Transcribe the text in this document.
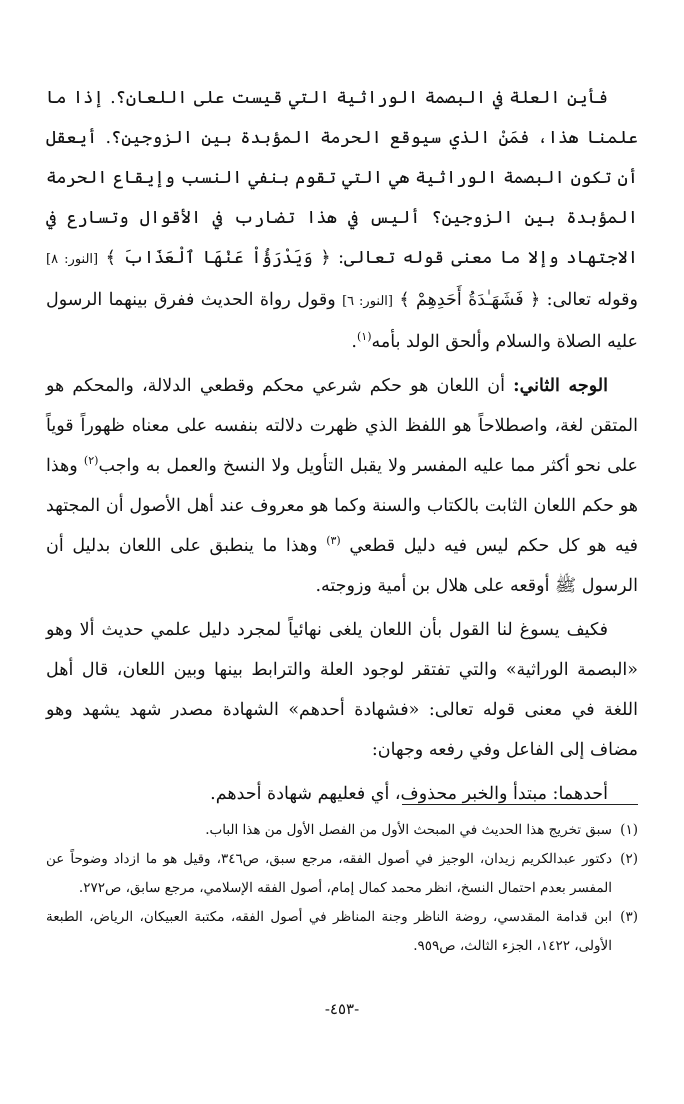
فأين العلة في البصمة الوراثية التي قيست على اللعان؟. إذا ما علمنا هذا، فمَنْ الذي سيوقع الحرمة المؤبدة بين الزوجين؟. أيعقل أن تكون البصمة الوراثية هي التي تقوم بنفي النسب وإيقاع الحرمة المؤبدة بين الزوجين؟ أليس في هذا تضارب في الأقوال وتسارع في الاجتهاد وإلا ما معنى قوله تعالى: ﴿ وَيَدْرَؤُاْ عَنْهَا ٱلْعَذَابَ ﴾ [النور: ٨] وقوله تعالى: ﴿ فَشَهَـٰدَةُ أَحَدِهِمْ ﴾ [النور: ٦] وقول رواة الحديث ففرق بينهما الرسول عليه الصلاة والسلام وألحق الولد بأمه$^{(١)}$.

الوجه الثاني: أن اللعان هو حكم شرعي محكم وقطعي الدلالة، والمحكم هو المتقن لغة، واصطلاحاً هو اللفظ الذي ظهرت دلالته بنفسه على معناه ظهوراً قوياً على نحو أكثر مما عليه المفسر ولا يقبل التأويل ولا النسخ والعمل به واجب$^{(٢)}$ وهذا هو حكم اللعان الثابت بالكتاب والسنة وكما هو معروف عند أهل الأصول أن المجتهد فيه هو كل حكم ليس فيه دليل قطعي $^{(٣)}$ وهذا ما ينطبق على اللعان بدليل أن الرسول ﷺ أوقعه على هلال بن أمية وزوجته.

فكيف يسوغ لنا القول بأن اللعان يلغى نهائياً لمجرد دليل علمي حديث ألا وهو «البصمة الوراثية» والتي تفتقر لوجود العلة والترابط بينها وبين اللعان، قال أهل اللغة في معنى قوله تعالى: «فشهادة أحدهم» الشهادة مصدر شهد يشهد وهو مضاف إلى الفاعل وفي رفعه وجهان:

أحدهما: مبتدأ والخبر محذوف، أي فعليهم شهادة أحدهم.

(١)سبق تخريج هذا الحديث في المبحث الأول من الفصل الأول من هذا الباب.

(٢)دكتور عبدالكريم زيدان، الوجيز في أصول الفقه، مرجع سبق، ص٣٤٦، وقيل هو ما ازداد وضوحاً عن المفسر بعدم احتمال النسخ، انظر محمد كمال إمام، أصول الفقه الإسلامي، مرجع سابق، ص٢٧٢.

(٣)ابن قدامة المقدسي، روضة الناظر وجنة المناظر في أصول الفقه، مكتبة العبيكان، الرياض، الطبعة الأولى، ١٤٢٢، الجزء الثالث، ص٩٥٩.

-٤٥٣-
